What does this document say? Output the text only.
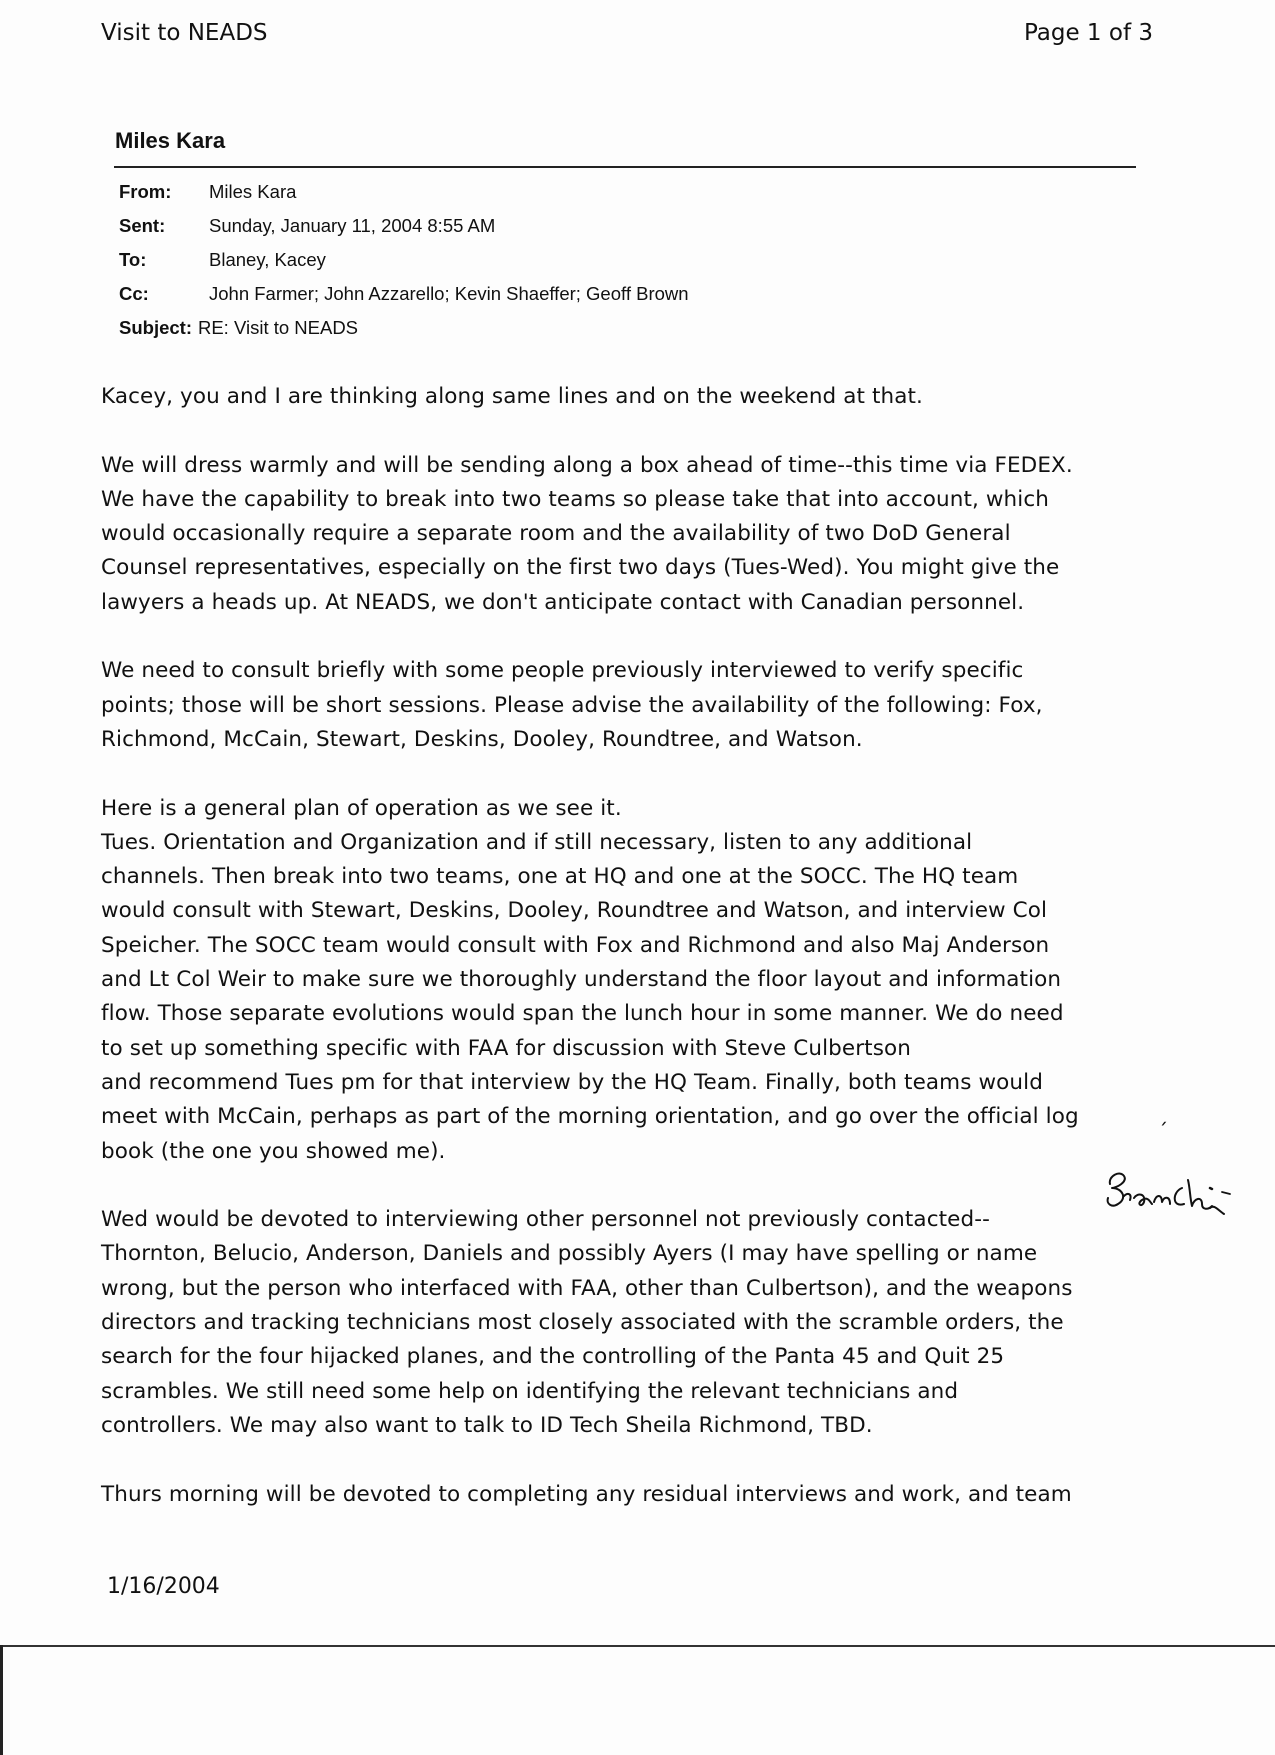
Visit to NEADS	Page 1 of 3
Miles Kara
From:	Miles Kara
Sent:	Sunday, January 11, 2004 8:55 AM
To:	Blaney, Kacey
Cc:	John Farmer; John Azzarello; Kevin Shaeffer; Geoff Brown
Subject: RE: Visit to NEADS

Kacey, you and I are thinking along same lines and on the weekend at that.

We will dress warmly and will be sending along a box ahead of time--this time via FEDEX.
We have the capability to break into two teams so please take that into account, which
would occasionally require a separate room and the availability of two DoD General
Counsel representatives, especially on the first two days (Tues-Wed). You might give the
lawyers a heads up. At NEADS, we don't anticipate contact with Canadian personnel.

We need to consult briefly with some people previously interviewed to verify specific
points; those will be short sessions. Please advise the availability of the following: Fox,
Richmond, McCain, Stewart, Deskins, Dooley, Roundtree, and Watson.

Here is a general plan of operation as we see it.
Tues. Orientation and Organization and if still necessary, listen to any additional
channels. Then break into two teams, one at HQ and one at the SOCC. The HQ team
would consult with Stewart, Deskins, Dooley, Roundtree and Watson, and interview Col
Speicher. The SOCC team would consult with Fox and Richmond and also Maj Anderson
and Lt Col Weir to make sure we thoroughly understand the floor layout and information
flow. Those separate evolutions would span the lunch hour in some manner. We do need
to set up something specific with FAA for discussion with Steve Culbertson
and recommend Tues pm for that interview by the HQ Team. Finally, both teams would
meet with McCain, perhaps as part of the morning orientation, and go over the official log
book (the one you showed me).

Wed would be devoted to interviewing other personnel not previously contacted--
Thornton, Belucio, Anderson, Daniels and possibly Ayers (I may have spelling or name
wrong, but the person who interfaced with FAA, other than Culbertson), and the weapons
directors and tracking technicians most closely associated with the scramble orders, the
search for the four hijacked planes, and the controlling of the Panta 45 and Quit 25
scrambles. We still need some help on identifying the relevant technicians and
controllers. We may also want to talk to ID Tech Sheila Richmond, TBD.

Thurs morning will be devoted to completing any residual interviews and work, and team

ˊ
1/16/2004
